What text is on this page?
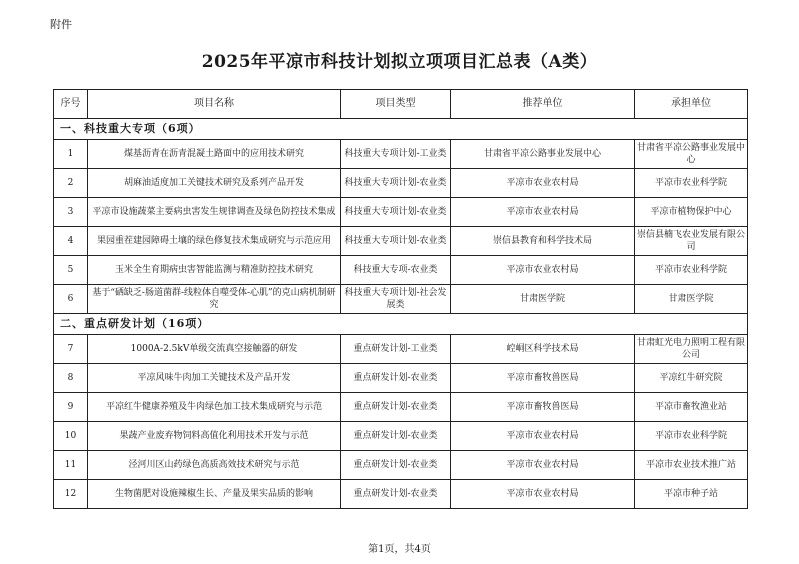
附件
2025年平凉市科技计划拟立项项目汇总表（A类）
序号	项目名称	项目类型	推荐单位	承担单位
一、科技重大专项（6项）				
1	煤基沥青在沥青混凝土路面中的应用技术研究	科技重大专项计划-工业类	甘肃省平凉公路事业发展中心	甘肃省平凉公路事业发展中心
2	胡麻油适度加工关键技术研究及系列产品开发	科技重大专项计划-农业类	平凉市农业农村局	平凉市农业科学院
3	平凉市设施蔬菜主要病虫害发生规律调查及绿色防控技术集成	科技重大专项计划-农业类	平凉市农业农村局	平凉市植物保护中心
4	果园重茬建园障碍土壤的绿色修复技术集成研究与示范应用	科技重大专项计划-农业类	崇信县教育和科学技术局	崇信县楠飞农业发展有限公司
5	玉米全生育期病虫害智能监测与精准防控技术研究	科技重大专项-农业类	平凉市农业农村局	平凉市农业科学院
6	基于“硒缺乏-肠道菌群-线粒体自噬受体-心肌”的克山病机制研究	科技重大专项计划-社会发展类	甘肃医学院	甘肃医学院
二、重点研发计划（16项）				
7	1000A-2.5kV单级交流真空接触器的研发	重点研发计划-工业类	崆峒区科学技术局	甘肃虹光电力照明工程有限公司
8	平凉风味牛肉加工关键技术及产品开发	重点研发计划-农业类	平凉市畜牧兽医局	平凉红牛研究院
9	平凉红牛健康养殖及牛肉绿色加工技术集成研究与示范	重点研发计划-农业类	平凉市畜牧兽医局	平凉市畜牧渔业站
10	果蔬产业废弃物饲料高值化利用技术开发与示范	重点研发计划-农业类	平凉市农业农村局	平凉市农业科学院
11	泾河川区山药绿色高质高效技术研究与示范	重点研发计划-农业类	平凉市农业农村局	平凉市农业技术推广站
12	生物菌肥对设施辣椒生长、产量及果实品质的影响	重点研发计划-农业类	平凉市农业农村局	平凉市种子站
第1页，共4页
